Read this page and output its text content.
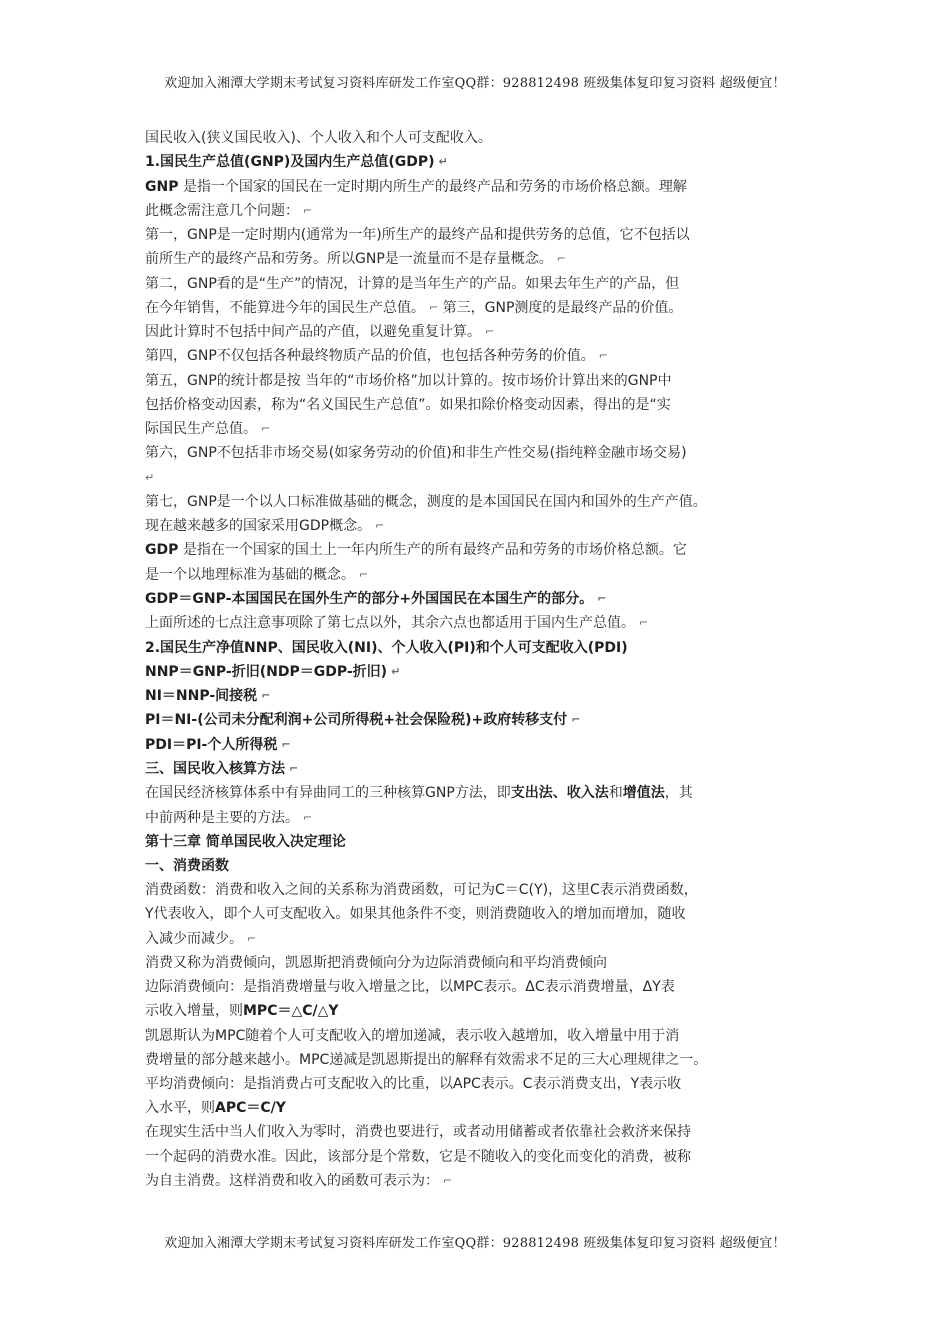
欢迎加入湘潭大学期末考试复习资料库研发工作室QQ群：928812498 班级集体复印复习资料 超级便宜！

国民收入(狭义国民收入)、个人收入和个人可支配收入。

1.国民生产总值(GNP)及国内生产总值(GDP) ↵

GNP 是指一个国家的国民在一定时期内所生产的最终产品和劳务的市场价格总额。理解

此概念需注意几个问题： ⌐

第一，GNP是一定时期内(通常为一年)所生产的最终产品和提供劳务的总值，它不包括以

前所生产的最终产品和劳务。所以GNP是一流量而不是存量概念。 ⌐

第二，GNP看的是“生产”的情况，计算的是当年生产的产品。如果去年生产的产品，但

在今年销售，不能算进今年的国民生产总值。 ⌐ 第三，GNP测度的是最终产品的价值。

因此计算时不包括中间产品的产值，以避免重复计算。 ⌐

第四，GNP不仅包括各种最终物质产品的价值，也包括各种劳务的价值。 ⌐

第五，GNP的统计都是按 当年的“市场价格”加以计算的。按市场价计算出来的GNP中

包括价格变动因素，称为“名义国民生产总值”。如果扣除价格变动因素，得出的是“实

际国民生产总值。 ⌐

第六，GNP不包括非市场交易(如家务劳动的价值)和非生产性交易(指纯粹金融市场交易)

↵

第七，GNP是一个以人口标准做基础的概念，测度的是本国国民在国内和国外的生产产值。

现在越来越多的国家采用GDP概念。 ⌐

GDP 是指在一个国家的国土上一年内所生产的所有最终产品和劳务的市场价格总额。它

是一个以地理标准为基础的概念。 ⌐

GDP＝GNP-本国国民在国外生产的部分+外国国民在本国生产的部分。 ⌐

上面所述的七点注意事项除了第七点以外，其余六点也都适用于国内生产总值。 ⌐

2.国民生产净值NNP、国民收入(NI)、个人收入(PI)和个人可支配收入(PDI)

NNP＝GNP-折旧(NDP＝GDP-折旧) ↵

NI＝NNP-间接税 ⌐

PI＝NI-(公司未分配利润+公司所得税+社会保险税)+政府转移支付 ⌐

PDI＝PI-个人所得税 ⌐

三、国民收入核算方法 ⌐

在国民经济核算体系中有异曲同工的三种核算GNP方法，即支出法、收入法和增值法，其

中前两种是主要的方法。 ⌐

第十三章 简单国民收入决定理论

一、消费函数

消费函数：消费和收入之间的关系称为消费函数，可记为C＝C(Y)，这里C表示消费函数，

Y代表收入，即个人可支配收入。如果其他条件不变，则消费随收入的增加而增加，随收

入减少而减少。 ⌐

消费又称为消费倾向，凯恩斯把消费倾向分为边际消费倾向和平均消费倾向

边际消费倾向：是指消费增量与收入增量之比，以MPC表示。ΔC表示消费增量，ΔY表

示收入增量，则MPC＝△C/△Y

凯恩斯认为MPC随着个人可支配收入的增加递减，表示收入越增加，收入增量中用于消

费增量的部分越来越小。MPC递减是凯恩斯提出的解释有效需求不足的三大心理规律之一。

平均消费倾向：是指消费占可支配收入的比重，以APC表示。C表示消费支出，Y表示收

入水平，则APC＝C/Y

在现实生活中当人们收入为零时，消费也要进行，或者动用储蓄或者依靠社会救济来保持

一个起码的消费水准。因此，该部分是个常数，它是不随收入的变化而变化的消费，被称

为自主消费。这样消费和收入的函数可表示为： ⌐

欢迎加入湘潭大学期末考试复习资料库研发工作室QQ群：928812498 班级集体复印复习资料 超级便宜！
